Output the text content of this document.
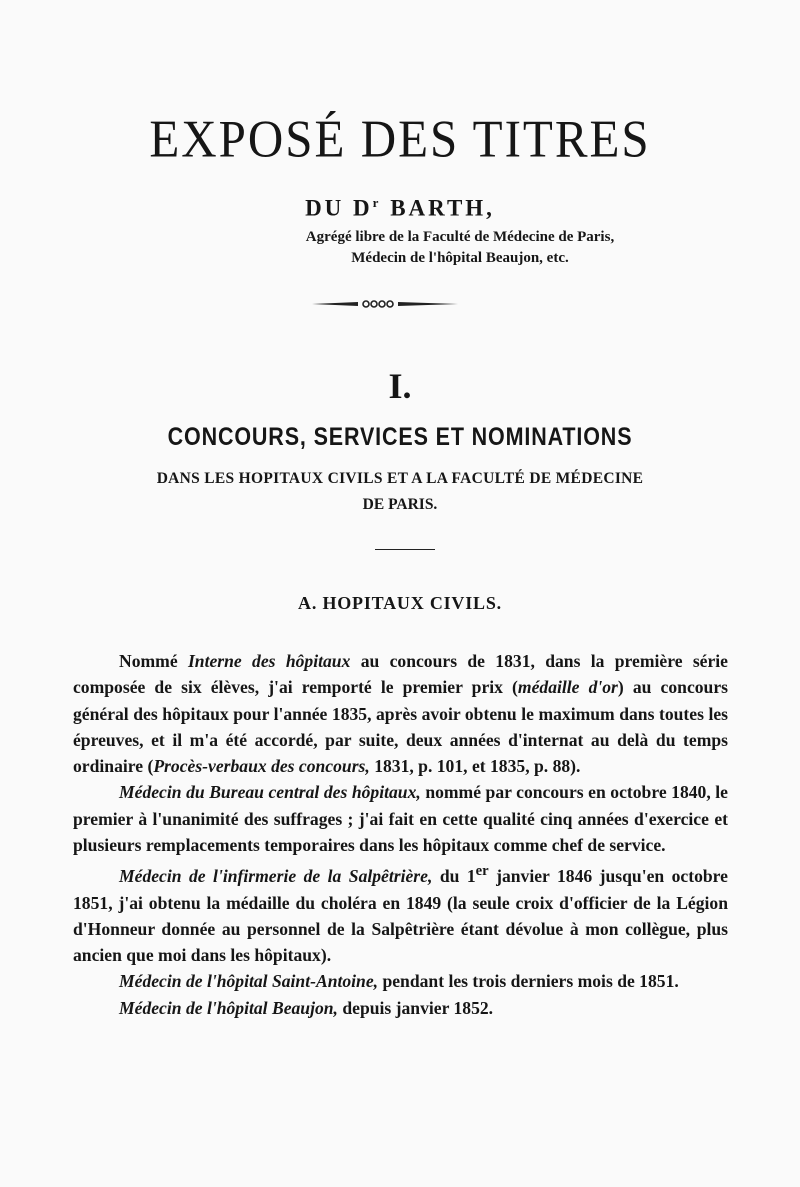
EXPOSÉ DES TITRES
DU $D^r$ BARTH,
Agrégé libre de la Faculté de Médecine de Paris,
Médecin de l'hôpital Beaujon, etc.
I.
CONCOURS, SERVICES ET NOMINATIONS
DANS LES HOPITAUX CIVILS ET A LA FACULTÉ DE MÉDECINE
DE PARIS.
A. HOPITAUX CIVILS.

Nommé Interne des hôpitaux au concours de 1831, dans la première série composée de six élèves, j'ai remporté le premier prix (médaille d'or) au concours général des hôpitaux pour l'année 1835, après avoir obtenu le maximum dans toutes les épreuves, et il m'a été accordé, par suite, deux années d'internat au delà du temps ordinaire (Procès-verbaux des concours, 1831, p. 101, et 1835, p. 88).

Médecin du Bureau central des hôpitaux, nommé par concours en octobre 1840, le premier à l'unanimité des suffrages ; j'ai fait en cette qualité cinq années d'exercice et plusieurs remplacements temporaires dans les hôpitaux comme chef de service.

Médecin de l'infirmerie de la Salpêtrière, du 1er janvier 1846 jusqu'en octobre 1851, j'ai obtenu la médaille du choléra en 1849 (la seule croix d'officier de la Légion d'Honneur donnée au personnel de la Salpêtrière étant dévolue à mon collègue, plus ancien que moi dans les hôpitaux).

Médecin de l'hôpital Saint-Antoine, pendant les trois derniers mois de 1851.

Médecin de l'hôpital Beaujon, depuis janvier 1852.
